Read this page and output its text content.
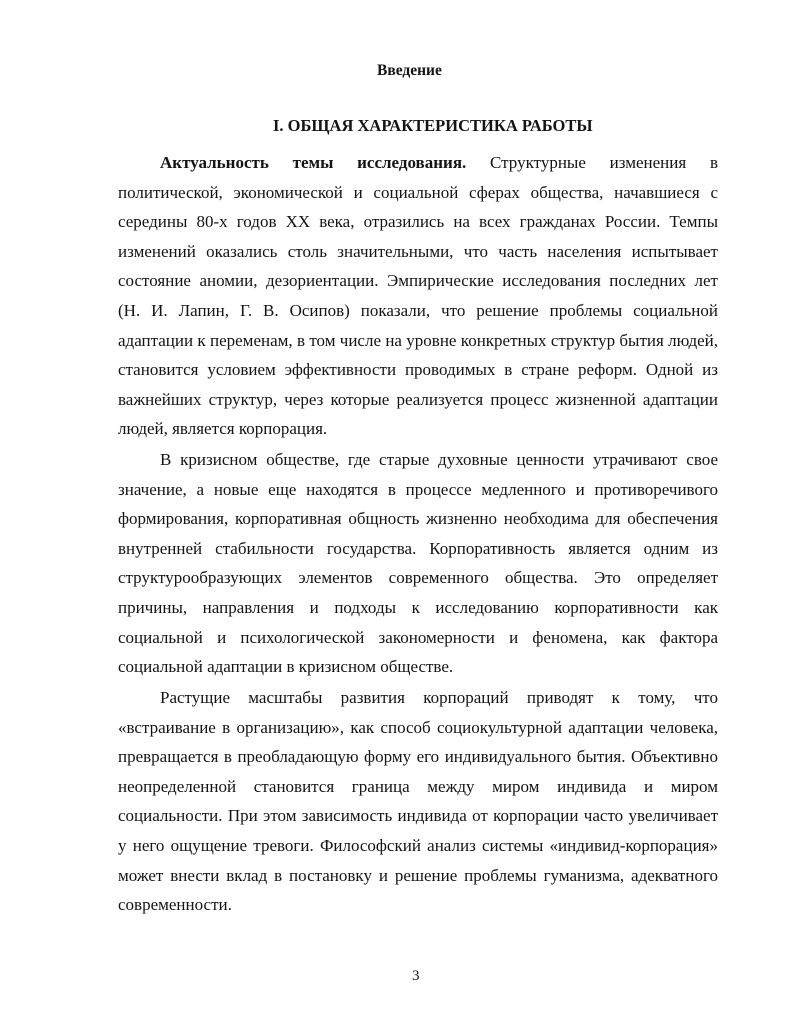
Введение
I. ОБЩАЯ ХАРАКТЕРИСТИКА РАБОТЫ

Актуальность темы исследования. Структурные изменения в политической, экономической и социальной сферах общества, начавшиеся с середины 80-х годов XX века, отразились на всех гражданах России. Темпы изменений оказались столь значительными, что часть населения испытывает состояние аномии, дезориентации. Эмпирические исследования последних лет (Н. И. Лапин, Г. В. Осипов) показали, что решение проблемы социальной адаптации к переменам, в том числе на уровне конкретных структур бытия людей, становится условием эффективности проводимых в стране реформ. Одной из важнейших структур, через которые реализуется процесс жизненной адаптации людей, является корпорация.

В кризисном обществе, где старые духовные ценности утрачивают свое значение, а новые еще находятся в процессе медленного и противоречивого формирования, корпоративная общность жизненно необходима для обеспечения внутренней стабильности государства. Корпоративность является одним из структурообразующих элементов современного общества. Это определяет причины, направления и подходы к исследованию корпоративности как социальной и психологической закономерности и феномена, как фактора социальной адаптации в кризисном обществе.

Растущие масштабы развития корпораций приводят к тому, что «встраивание в организацию», как способ социокультурной адаптации человека, превращается в преобладающую форму его индивидуального бытия. Объективно неопределенной становится граница между миром индивида и миром социальности. При этом зависимость индивида от корпорации часто увеличивает у него ощущение тревоги. Философский анализ системы «индивид-корпорация» может внести вклад в постановку и решение проблемы гуманизма, адекватного современности.

3
